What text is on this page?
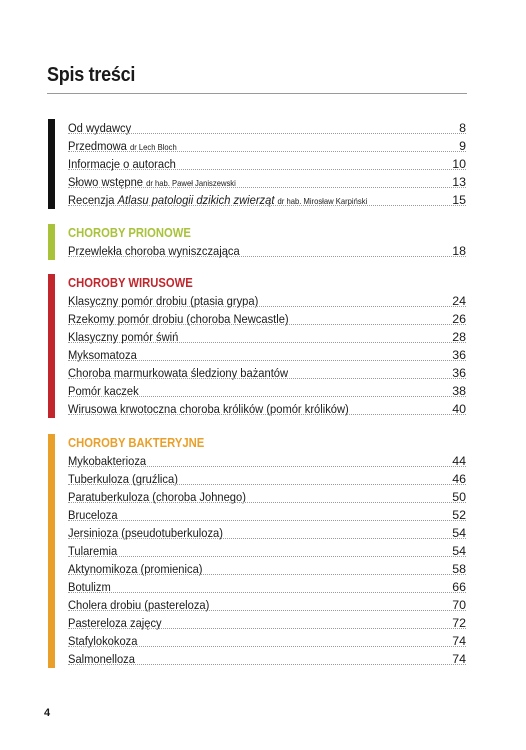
Spis treści
Od wydawcy	8
Przedmowa dr Lech Bloch	9
Informacje o autorach	10
Słowo wstępne dr hab. Paweł Janiszewski	13
Recenzja Atlasu patologii dzikich zwierząt dr hab. Mirosław Karpiński	15
CHOROBY PRIONOWE
Przewlekła choroba wyniszczająca	18
CHOROBY WIRUSOWE
Klasyczny pomór drobiu (ptasia grypa)	24
Rzekomy pomór drobiu (choroba Newcastle)	26
Klasyczny pomór świń	28
Myksomatoza	36
Choroba marmurkowata śledziony bażantów	36
Pomór kaczek	38
Wirusowa krwotoczna choroba królików (pomór królików)	40
CHOROBY BAKTERYJNE
Mykobakterioza	44
Tuberkuloza (gruźlica)	46
Paratuberkuloza (choroba Johnego)	50
Bruceloza	52
Jersinioza (pseudotuberkuloza)	54
Tularemia	54
Aktynomikoza (promienica)	58
Botulizm	66
Cholera drobiu (pastereloza)	70
Pastereloza zajęcy	72
Stafylokokoza	74
Salmonelloza	74
4
